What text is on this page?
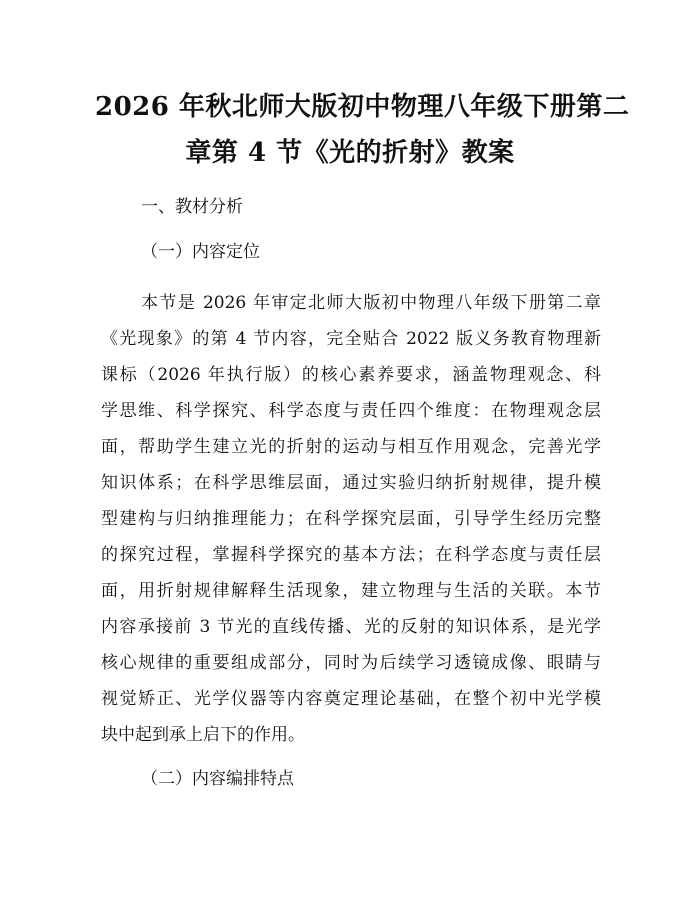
2026 年秋北师大版初中物理八年级下册第二
章第 4 节《光的折射》教案
一、教材分析
（一）内容定位
本节是 2026 年审定北师大版初中物理八年级下册第二章
《光现象》的第 4 节内容，完全贴合 2022 版义务教育物理新
课标（2026 年执行版）的核心素养要求，涵盖物理观念、科
学思维、科学探究、科学态度与责任四个维度：在物理观念层
面，帮助学生建立光的折射的运动与相互作用观念，完善光学
知识体系；在科学思维层面，通过实验归纳折射规律，提升模
型建构与归纳推理能力；在科学探究层面，引导学生经历完整
的探究过程，掌握科学探究的基本方法；在科学态度与责任层
面，用折射规律解释生活现象，建立物理与生活的关联。本节
内容承接前 3 节光的直线传播、光的反射的知识体系，是光学
核心规律的重要组成部分，同时为后续学习透镜成像、眼睛与
视觉矫正、光学仪器等内容奠定理论基础，在整个初中光学模
块中起到承上启下的作用。
（二）内容编排特点
